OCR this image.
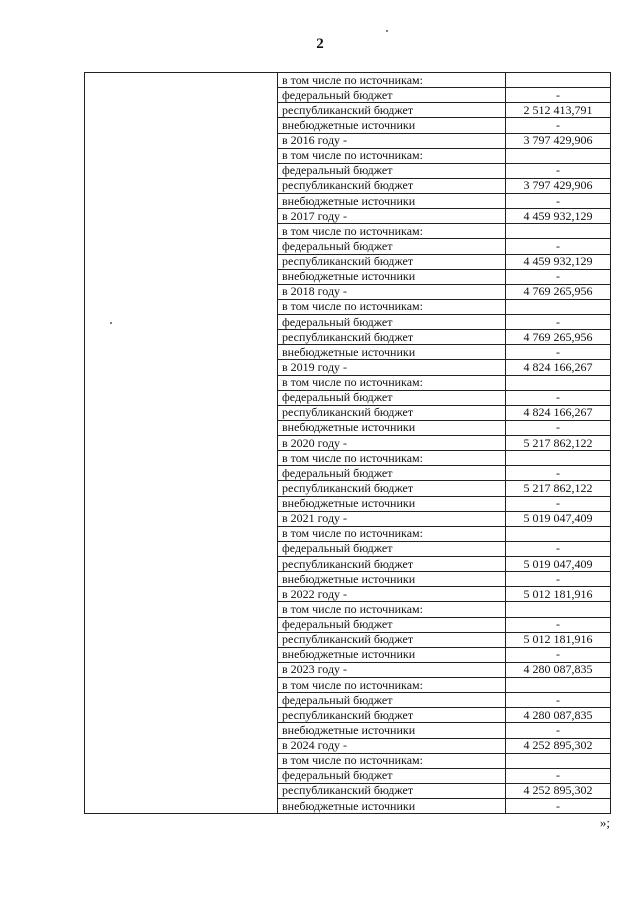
2
	в том числе по источникам:	
	федеральный бюджет	-
	республиканский бюджет	2 512 413,791
	внебюджетные источники	-
	в 2016 году -	3 797 429,906
	в том числе по источникам:	
	федеральный бюджет	-
	республиканский бюджет	3 797 429,906
	внебюджетные источники	-
	в 2017 году -	4 459 932,129
	в том числе по источникам:	
	федеральный бюджет	-
	республиканский бюджет	4 459 932,129
	внебюджетные источники	-
	в 2018 году -	4 769 265,956
	в том числе по источникам:	
	федеральный бюджет	-
	республиканский бюджет	4 769 265,956
	внебюджетные источники	-
	в 2019 году -	4 824 166,267
	в том числе по источникам:	
	федеральный бюджет	-
	республиканский бюджет	4 824 166,267
	внебюджетные источники	-
	в 2020 году -	5 217 862,122
	в том числе по источникам:	
	федеральный бюджет	-
	республиканский бюджет	5 217 862,122
	внебюджетные источники	-
	в 2021 году -	5 019 047,409
	в том числе по источникам:	
	федеральный бюджет	-
	республиканский бюджет	5 019 047,409
	внебюджетные источники	-
	в 2022 году -	5 012 181,916
	в том числе по источникам:	
	федеральный бюджет	-
	республиканский бюджет	5 012 181,916
	внебюджетные источники	-
	в 2023 году -	4 280 087,835
	в том числе по источникам:	
	федеральный бюджет	-
	республиканский бюджет	4 280 087,835
	внебюджетные источники	-
	в 2024 году -	4 252 895,302
	в том числе по источникам:	
	федеральный бюджет	-
	республиканский бюджет	4 252 895,302
	внебюджетные источники	-
»;
